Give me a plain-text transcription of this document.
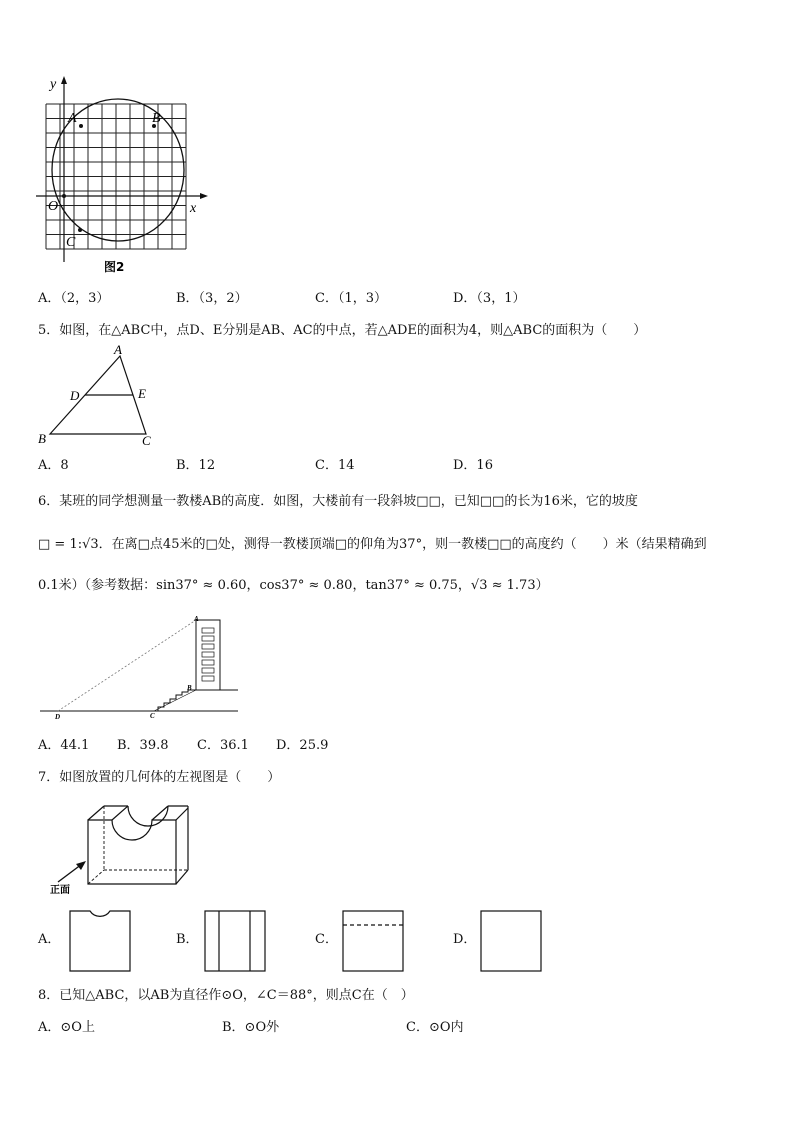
y
x
O
A	B
C
图2
A．（2，3）	B．（3，2）	C．（1，3）	D．（3，1）
5．如图，在△ABC中，点D、E分别是AB、AC的中点，若△ADE的面积为4，则△ABC的面积为（　　）
A
D	E
B	C
A．8	B．12	C．14	D．16
6．某班的同学想测量一教楼AB的高度．如图，大楼前有一段斜坡□□，已知□□的长为16米，它的坡度
□ = 1:√3．在离□点45米的□处，测得一教楼顶端□的仰角为37°，则一教楼□□的高度约（　　）米（结果精确到
0.1米）（参考数据：sin37° ≈ 0.60，cos37° ≈ 0.80，tan37° ≈ 0.75，√3 ≈ 1.73）
A
B
C
D
A．44.1 B．39.8 C．36.1 D．25.9
7．如图放置的几何体的左视图是（　　）
正面
A．	B．	C．	D．
8．已知△ABC，以AB为直径作⊙O，∠C＝88°，则点C在（　）
A．⊙O上	B．⊙O外	C．⊙O内
